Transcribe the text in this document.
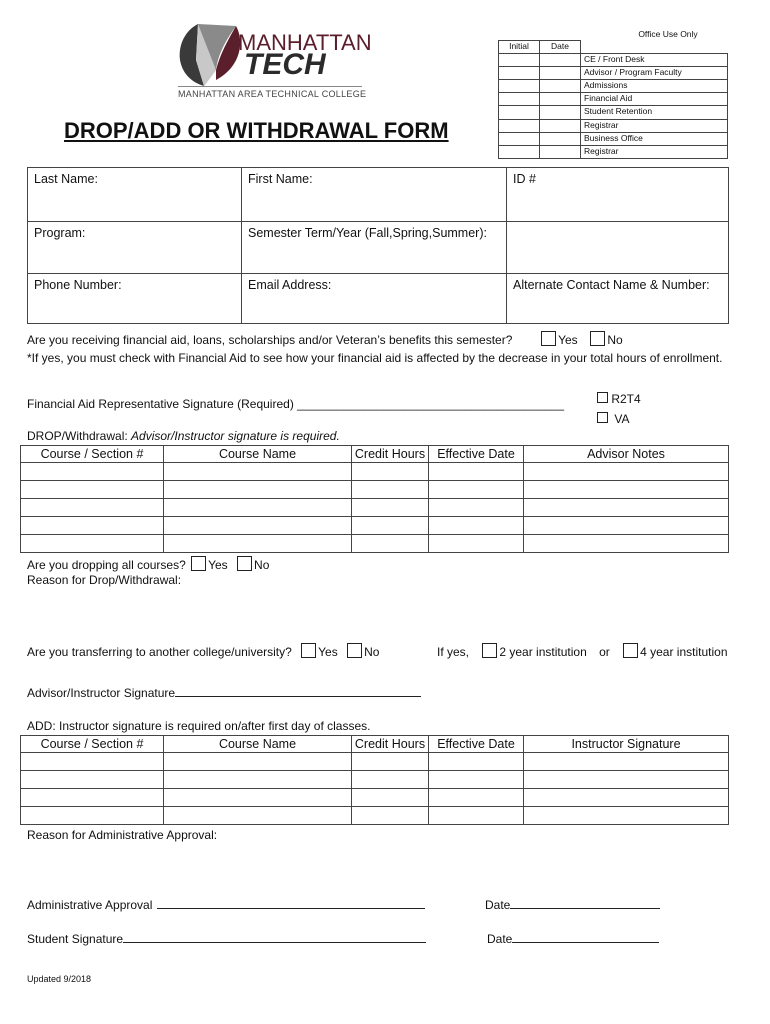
MANHATTAN
TECH
MANHATTAN AREA TECHNICAL COLLEGE
DROP/ADD OR WITHDRAWAL FORM
Office Use Only		
Initial	Date	
		CE / Front Desk
		Advisor / Program Faculty
		Admissions
		Financial Aid
		Student Retention
		Registrar
		Business Office
		Registrar
Last Name:	First Name:	ID #
Program:	Semester Term/Year (Fall,Spring,Summer):	
Phone Number:	Email Address:	Alternate Contact Name & Number:
Are you receiving financial aid, loans, scholarships and/or Veteran’s benefits this semester?	Yes No
*If yes, you must check with Financial Aid to see how your financial aid is affected by the decrease in your total hours of enrollment.
Financial Aid Representative Signature (Required) ________________________________________	R2T4
VA
DROP/Withdrawal: Advisor/Instructor signature is required.
Course / Section #	Course Name	Credit Hours	Effective Date	Advisor Notes

Are you dropping all courses? Yes No
Reason for Drop/Withdrawal:
Are you transferring to another college/university? Yes No	If yes,	2 year institution or	4 year institution
Advisor/Instructor Signature
ADD: Instructor signature is required on/after first day of classes.
Course / Section #	Course Name	Credit Hours	Effective Date	Instructor Signature

Reason for Administrative Approval:
Administrative Approval	Date
Student Signature	Date
Updated 9/2018
